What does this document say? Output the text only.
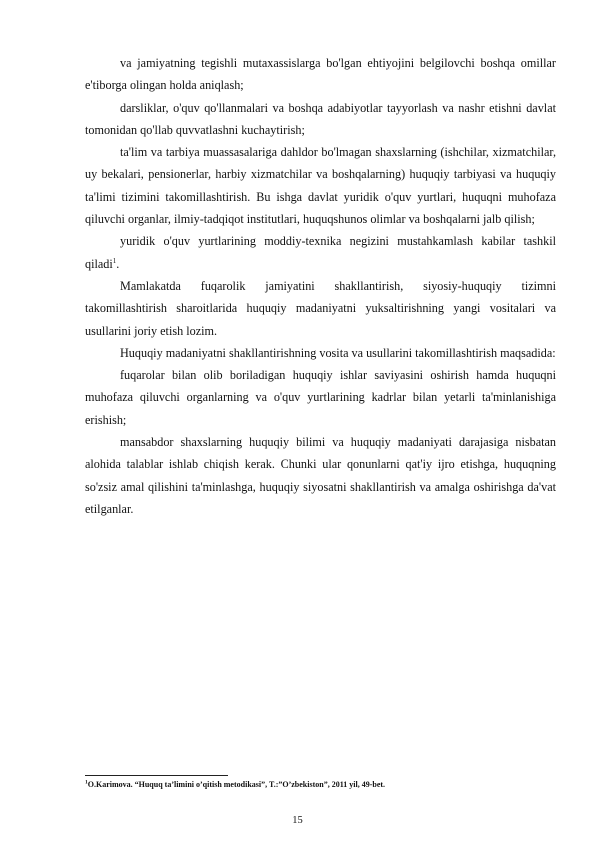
va jamiyatning tegishli mutaxassislarga bo'lgan ehtiyojini belgilovchi boshqa omillar e'tiborga olingan holda aniqlash;

darsliklar, o'quv qo'llanmalari va boshqa adabiyotlar tayyorlash va nashr etishni davlat tomonidan qo'llab quvvatlashni kuchaytirish;

ta'lim va tarbiya muassasalariga dahldor bo'lmagan shaxslarning (ishchilar, xizmatchilar, uy bekalari, pensionerlar, harbiy xizmatchilar va boshqalarning) huquqiy tarbiyasi va huquqiy ta'limi tizimini takomillashtirish. Bu ishga davlat yuridik o'quv yurtlari, huquqni muhofaza qiluvchi organlar, ilmiy-tadqiqot institutlari, huquqshunos olimlar va boshqalarni jalb qilish;

yuridik o'quv yurtlarining moddiy-texnika negizini mustahkamlash kabilar tashkil qiladi$^1$.

Mamlakatda fuqarolik jamiyatini shakllantirish, siyosiy-huquqiy tizimni takomillashtirish sharoitlarida huquqiy madaniyatni yuksaltirishning yangi vositalari va usullarini joriy etish lozim.

Huquqiy madaniyatni shakllantirishning vosita va usullarini takomillashtirish maqsadida:

fuqarolar bilan olib boriladigan huquqiy ishlar saviyasini oshirish hamda huquqni muhofaza qiluvchi organlarning va o'quv yurtlarining kadrlar bilan yetarli ta'minlanishiga erishish;

mansabdor shaxslarning huquqiy bilimi va huquqiy madaniyati darajasiga nisbatan alohida talablar ishlab chiqish kerak. Chunki ular qonunlarni qat'iy ijro etishga, huquqning so'zsiz amal qilishini ta'minlashga, huquqiy siyosatni shakllantirish va amalga oshirishga da'vat etilganlar.

$^1$O.Karimova. “Huquq ta’limini o’qitish metodikasi”, T.:”O’zbekiston”, 2011 yil, 49-bet.
15
